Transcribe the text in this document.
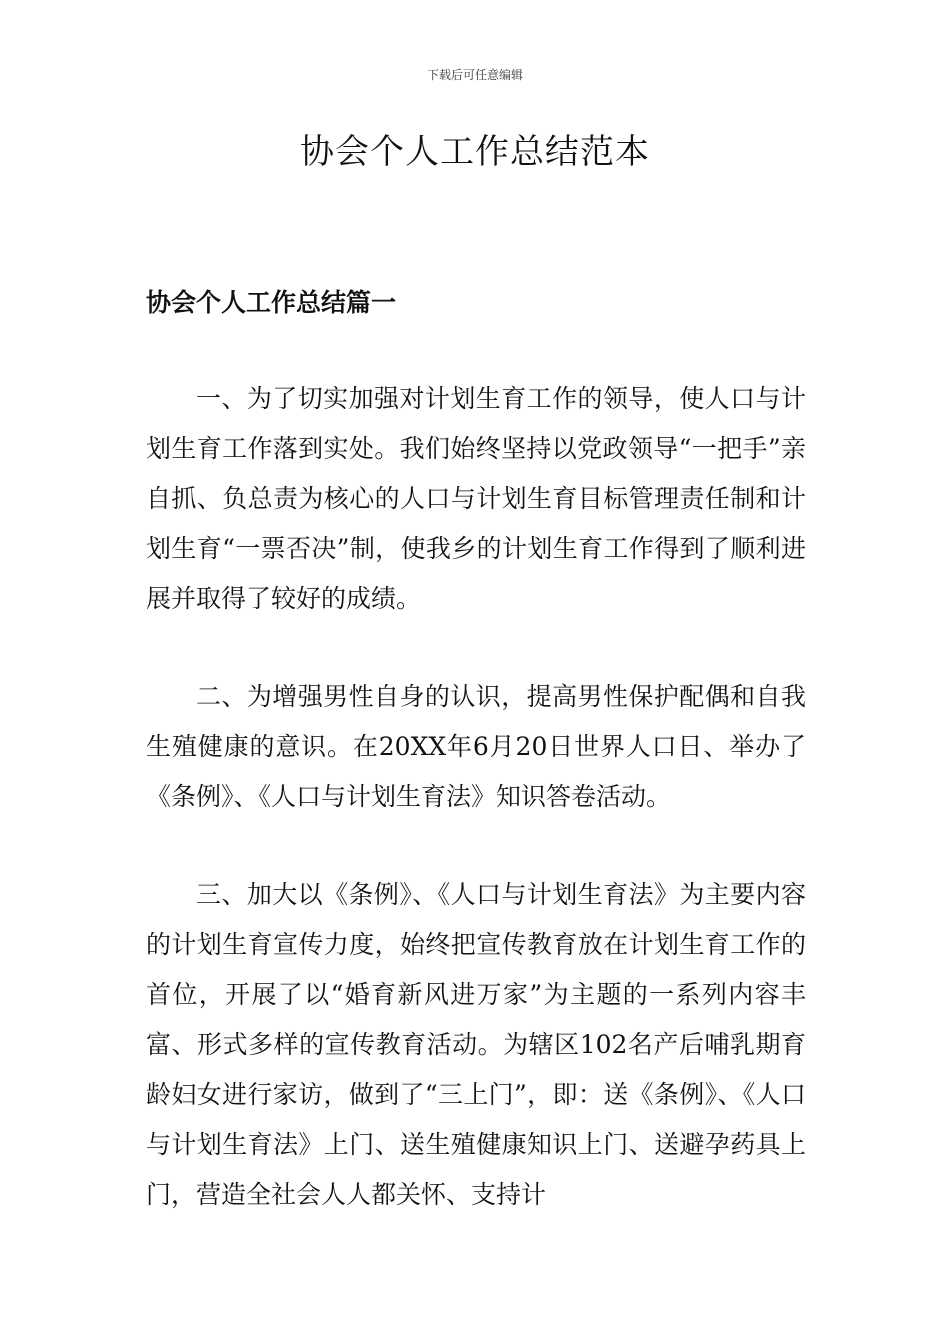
下载后可任意编辑
协会个人工作总结范本
协会个人工作总结篇一

一、为了切实加强对计划生育工作的领导，使人口与计划生育工作落到实处。我们始终坚持以党政领导“一把手”亲自抓、负总责为核心的人口与计划生育目标管理责任制和计划生育“一票否决”制，使我乡的计划生育工作得到了顺利进展并取得了较好的成绩。

二、为增强男性自身的认识，提高男性保护配偶和自我生殖健康的意识。在20XX年6月20日世界人口日、举办了《条例》、《人口与计划生育法》知识答卷活动。

三、加大以《条例》、《人口与计划生育法》为主要内容的计划生育宣传力度，始终把宣传教育放在计划生育工作的首位，开展了以“婚育新风进万家”为主题的一系列内容丰富、形式多样的宣传教育活动。为辖区102名产后哺乳期育龄妇女进行家访，做到了“三上门”，即：送《条例》、《人口与计划生育法》上门、送生殖健康知识上门、送避孕药具上门，营造全社会人人都关怀、支持计
